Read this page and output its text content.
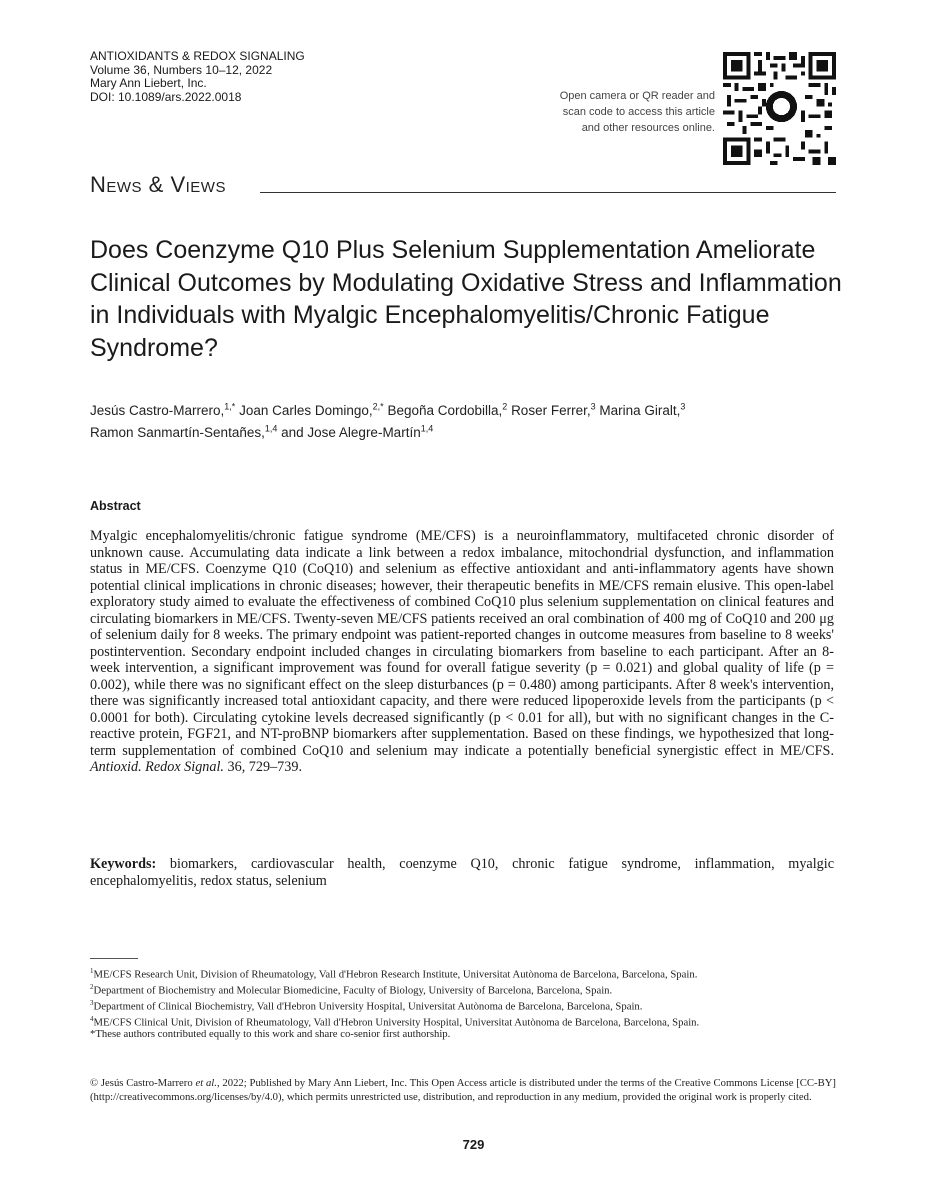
ANTIOXIDANTS & REDOX SIGNALING
Volume 36, Numbers 10–12, 2022
Mary Ann Liebert, Inc.
DOI: 10.1089/ars.2022.0018	Open camera or QR reader and
scan code to access this article
and other resources online.
News & Views
Does Coenzyme Q10 Plus Selenium Supplementation Ameliorate Clinical Outcomes by Modulating Oxidative Stress and Inflammation in Individuals with Myalgic Encephalomyelitis/Chronic Fatigue Syndrome?
Jesús Castro-Marrero,$^{1,*}$ Joan Carles Domingo,$^{2,*}$ Begoña Cordobilla,$^2$ Roser Ferrer,$^3$ Marina Giralt,$^3$
Ramon Sanmartín-Sentañes,$^{1,4}$ and Jose Alegre-Martín$^{1,4}$
Abstract

Myalgic encephalomyelitis/chronic fatigue syndrome (ME/CFS) is a neuroinflammatory, multifaceted chronic disorder of unknown cause. Accumulating data indicate a link between a redox imbalance, mitochondrial dysfunction, and inflammation status in ME/CFS. Coenzyme Q10 (CoQ10) and selenium as effective antioxidant and anti-inflammatory agents have shown potential clinical implications in chronic diseases; however, their therapeutic benefits in ME/CFS remain elusive. This open-label exploratory study aimed to evaluate the effectiveness of combined CoQ10 plus selenium supplementation on clinical features and circulating biomarkers in ME/CFS. Twenty-seven ME/CFS patients received an oral combination of 400 mg of CoQ10 and 200 μg of selenium daily for 8 weeks. The primary endpoint was patient-reported changes in outcome measures from baseline to 8 weeks' postintervention. Secondary endpoint included changes in circulating biomarkers from baseline to each participant. After an 8-week intervention, a significant improvement was found for overall fatigue severity (p = 0.021) and global quality of life (p = 0.002), while there was no significant effect on the sleep disturbances (p = 0.480) among participants. After 8 week's intervention, there was significantly increased total antioxidant capacity, and there were reduced lipoperoxide levels from the participants (p < 0.0001 for both). Circulating cytokine levels decreased significantly (p < 0.01 for all), but with no significant changes in the C-reactive protein, FGF21, and NT-proBNP biomarkers after supplementation. Based on these findings, we hypothesized that long-term supplementation of combined CoQ10 and selenium may indicate a potentially beneficial synergistic effect in ME/CFS. Antioxid. Redox Signal. 36, 729–739.

Keywords: biomarkers, cardiovascular health, coenzyme Q10, chronic fatigue syndrome, inflammation, myalgic encephalomyelitis, redox status, selenium

$^1$ME/CFS Research Unit, Division of Rheumatology, Vall d'Hebron Research Institute, Universitat Autònoma de Barcelona, Barcelona, Spain.

$^2$Department of Biochemistry and Molecular Biomedicine, Faculty of Biology, University of Barcelona, Barcelona, Spain.

$^3$Department of Clinical Biochemistry, Vall d'Hebron University Hospital, Universitat Autònoma de Barcelona, Barcelona, Spain.

$^4$ME/CFS Clinical Unit, Division of Rheumatology, Vall d'Hebron University Hospital, Universitat Autònoma de Barcelona, Barcelona, Spain.

*These authors contributed equally to this work and share co-senior first authorship.

© Jesús Castro-Marrero et al., 2022; Published by Mary Ann Liebert, Inc. This Open Access article is distributed under the terms of the Creative Commons License [CC-BY] (http://creativecommons.org/licenses/by/4.0), which permits unrestricted use, distribution, and reproduction in any medium, provided the original work is properly cited.

729
